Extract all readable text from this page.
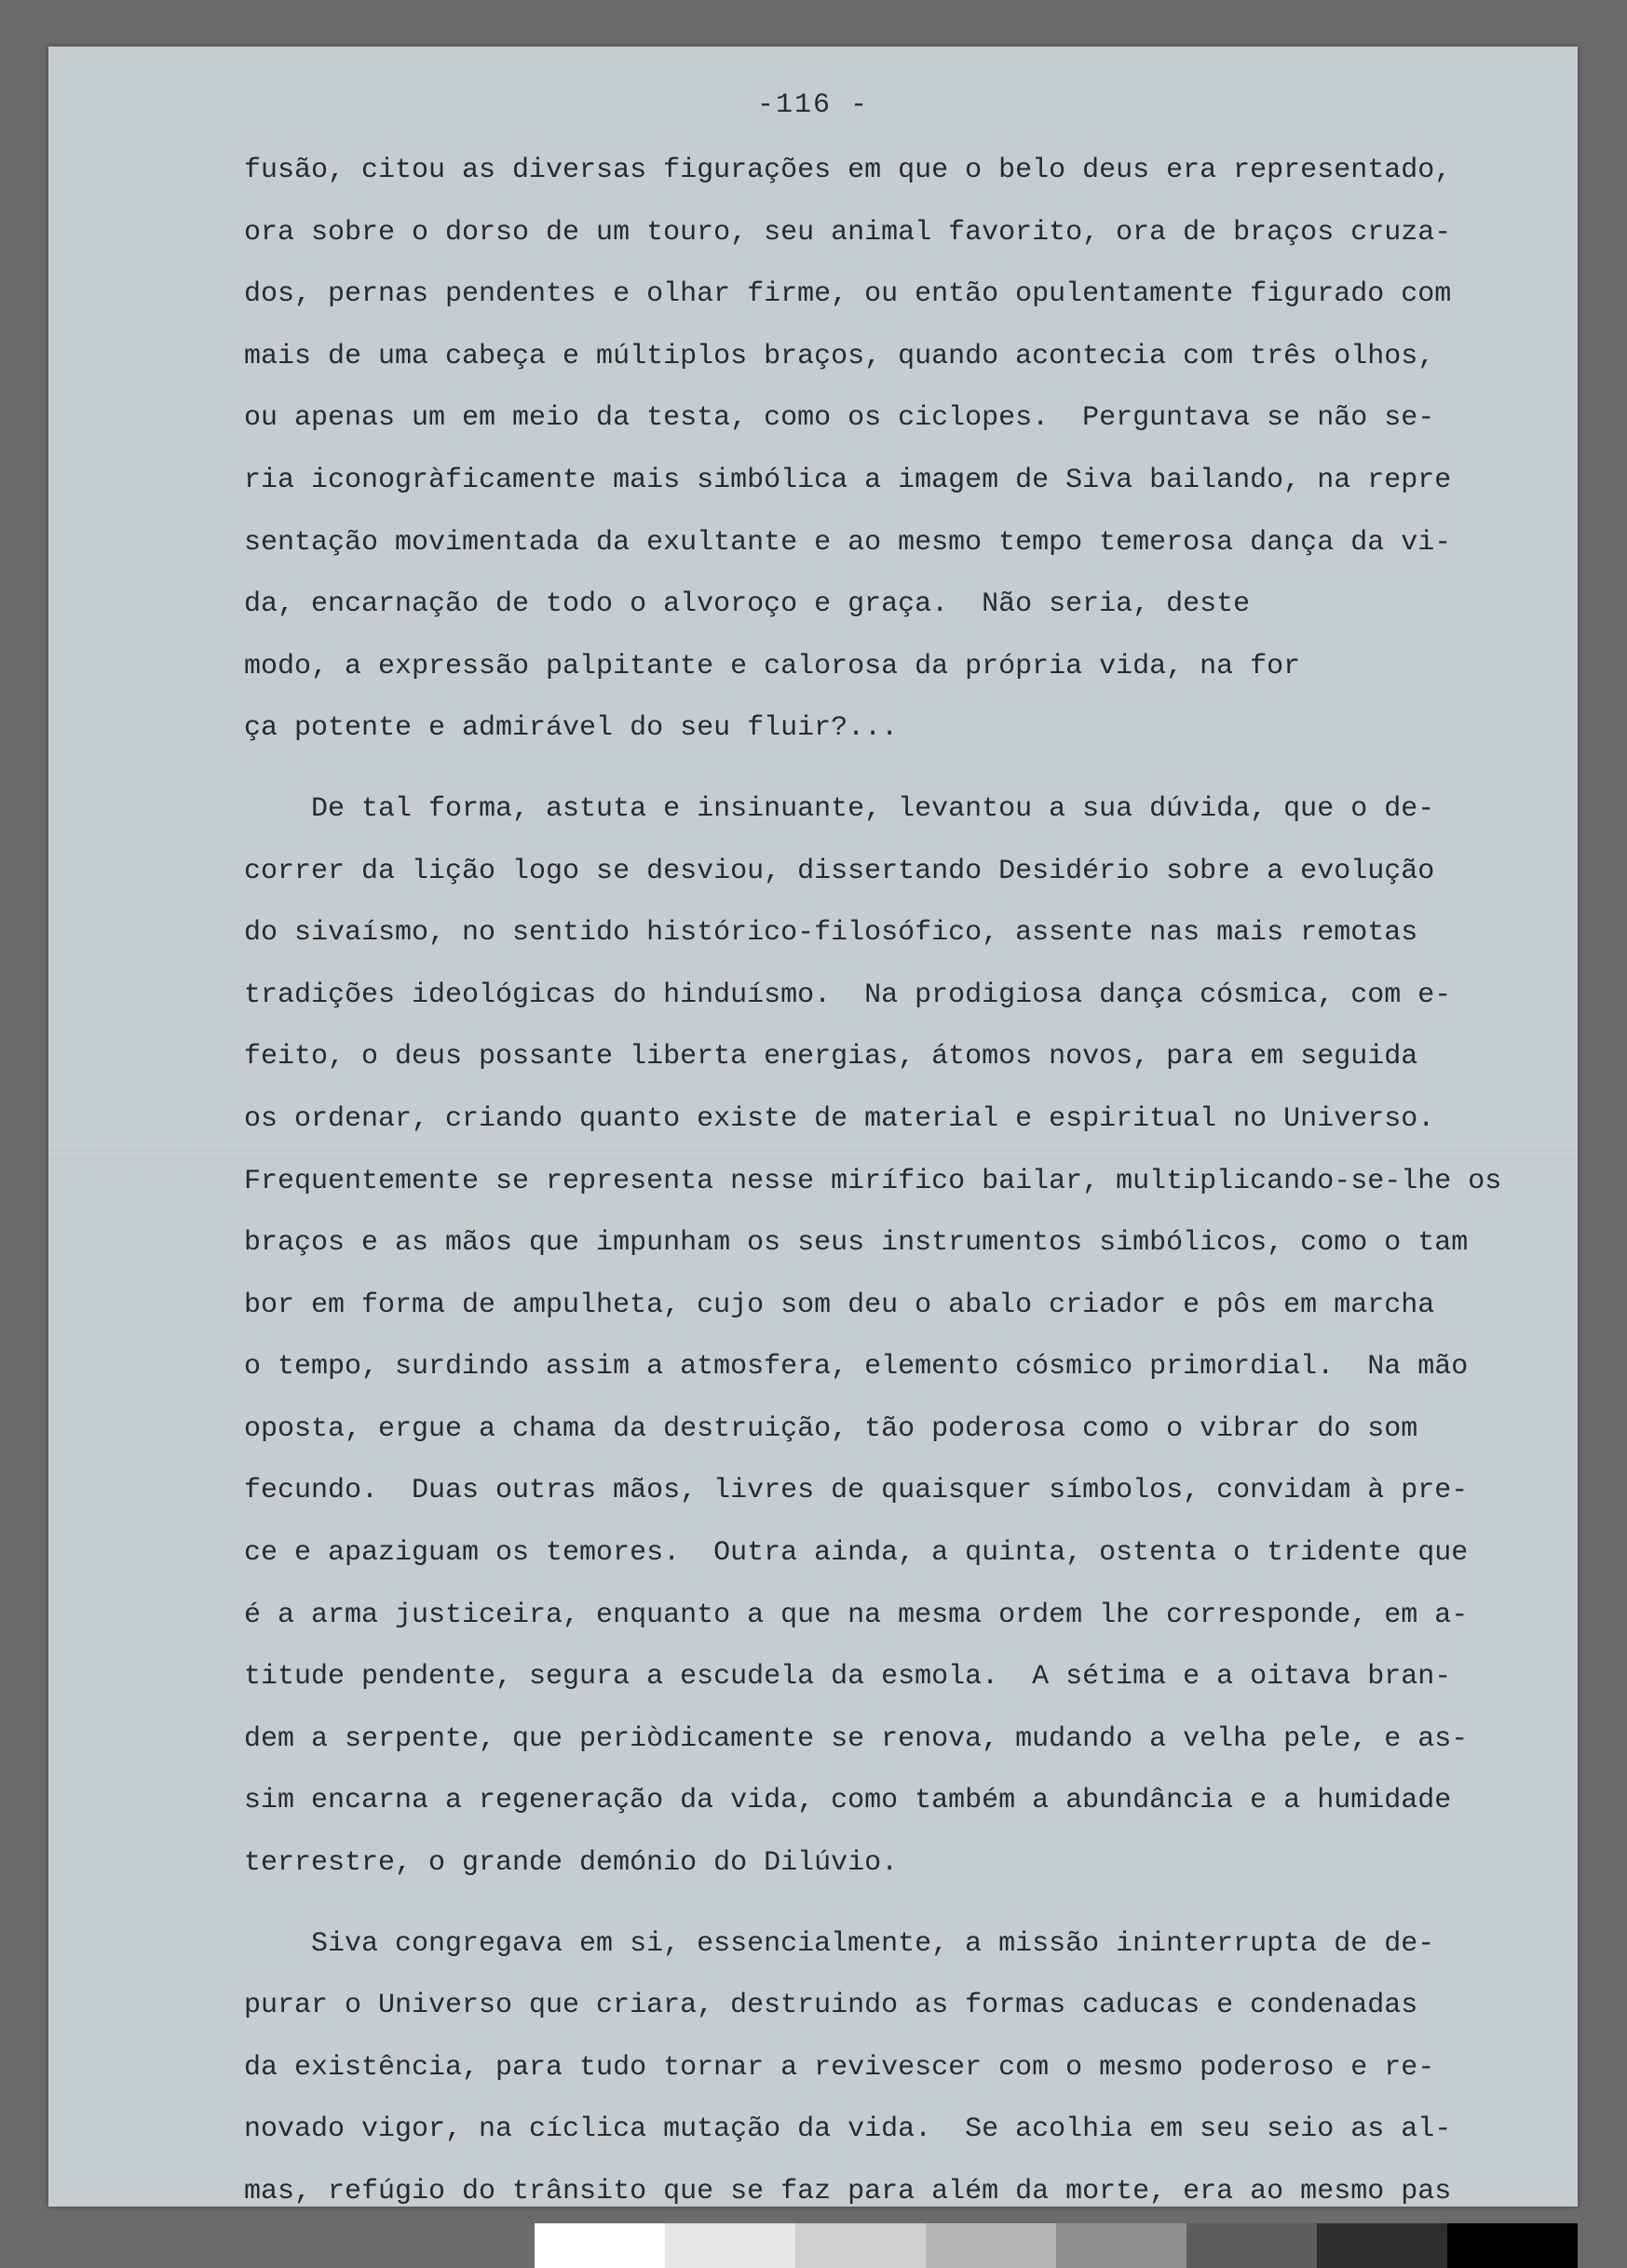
-116 -
fusão, citou as diversas figurações em que o belo deus era representado,
ora sobre o dorso de um touro, seu animal favorito, ora de braços cruza-
dos, pernas pendentes e olhar firme, ou então opulentamente figurado com
mais de uma cabeça e múltiplos braços, quando acontecia com três olhos,
ou apenas um em meio da testa, como os ciclopes.  Perguntava se não se-
ria iconogràficamente mais simbólica a imagem de Siva bailando, na repre
sentação movimentada da exultante e ao mesmo tempo temerosa dança da vi-
da, encarnação de todo o alvoroço e graça.  Não seria, deste
modo, a expressão palpitante e calorosa da própria vida, na for
ça potente e admirável do seu fluir?...
De tal forma, astuta e insinuante, levantou a sua dúvida, que o de-
correr da lição logo se desviou, dissertando Desidério sobre a evolução
do sivaísmo, no sentido histórico-filosófico, assente nas mais remotas
tradições ideológicas do hinduísmo.  Na prodigiosa dança cósmica, com e-
feito, o deus possante liberta energias, átomos novos, para em seguida
os ordenar, criando quanto existe de material e espiritual no Universo.
Frequentemente se representa nesse mirífico bailar, multiplicando-se-lhe os
braços e as mãos que impunham os seus instrumentos simbólicos, como o tam
bor em forma de ampulheta, cujo som deu o abalo criador e pôs em marcha
o tempo, surdindo assim a atmosfera, elemento cósmico primordial.  Na mão
oposta, ergue a chama da destruição, tão poderosa como o vibrar do som
fecundo.  Duas outras mãos, livres de quaisquer símbolos, convidam à pre-
ce e apaziguam os temores.  Outra ainda, a quinta, ostenta o tridente que
é a arma justiceira, enquanto a que na mesma ordem lhe corresponde, em a-
titude pendente, segura a escudela da esmola.  A sétima e a oitava bran-
dem a serpente, que periòdicamente se renova, mudando a velha pele, e as-
sim encarna a regeneração da vida, como também a abundância e a humidade
terrestre, o grande demónio do Dilúvio.
Siva congregava em si, essencialmente, a missão ininterrupta de de-
purar o Universo que criara, destruindo as formas caducas e condenadas
da existência, para tudo tornar a revivescer com o mesmo poderoso e re-
novado vigor, na cíclica mutação da vida.  Se acolhia em seu seio as al-
mas, refúgio do trânsito que se faz para além da morte, era ao mesmo pas
